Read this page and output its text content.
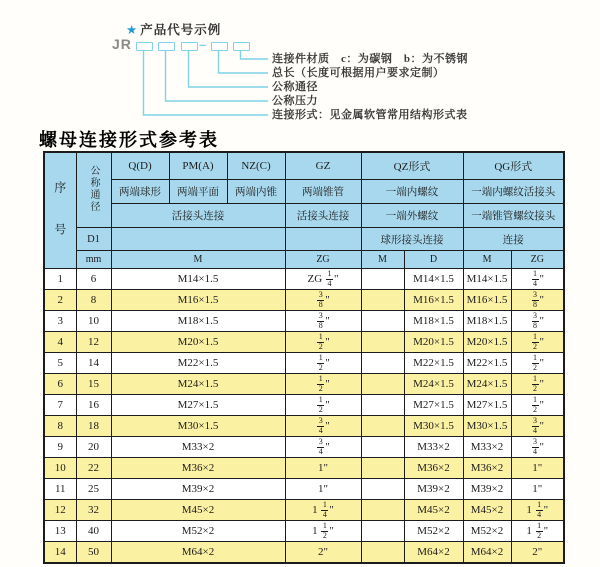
★ 产品代号示例
JR	–
连接件材质　c：为碳钢　b：为不锈钢
总长（长度可根据用户要求定制）
公称通径
公称压力
连接形式：见金属软管常用结构形式表
螺母连接形式参考表
序号	公称通径	Q(D)	PM(A)	NZ(C)	GZ	QZ形式		QG形式	
		两端球形	两端平面	两端内锥	两端锥管	一端内螺纹		一端内螺纹活接头	
		活接头连接			活接头连接	一端外螺纹		一端锥管螺纹接头	
	D1					球形接头连接		连接	
	mm	M			ZG	M	D	M	ZG
1	6	M14×1.5			ZG $\frac{1}{4}$ "		M14×1.5	M14×1.5	$\frac{1}{4}$ "
2	8	M16×1.5			$\frac{3}{8}$ "		M16×1.5	M16×1.5	$\frac{3}{8}$ "
3	10	M18×1.5			$\frac{3}{8}$ "		M18×1.5	M18×1.5	$\frac{3}{8}$ "
4	12	M20×1.5			$\frac{1}{2}$ "		M20×1.5	M20×1.5	$\frac{1}{2}$ "
5	14	M22×1.5			$\frac{1}{2}$ "		M22×1.5	M22×1.5	$\frac{1}{2}$ "
6	15	M24×1.5			$\frac{1}{2}$ "		M24×1.5	M24×1.5	$\frac{1}{2}$ "
7	16	M27×1.5			$\frac{1}{2}$ "		M27×1.5	M27×1.5	$\frac{1}{2}$ "
8	18	M30×1.5			$\frac{3}{4}$ "		M30×1.5	M30×1.5	$\frac{3}{4}$ "
9	20	M33×2			$\frac{3}{4}$ "		M33×2	M33×2	$\frac{3}{4}$ "
10	22	M36×2			1"		M36×2	M36×2	1"
11	25	M39×2			1"		M39×2	M39×2	1"
12	32	M45×2			$1 \frac{1}{4}$ "		M45×2	M45×2	$1 \frac{1}{4}$ "
13	40	M52×2			$1 \frac{1}{2}$ "		M52×2	M52×2	$1 \frac{1}{2}$ "
14	50	M64×2			2"		M64×2	M64×2	2"
